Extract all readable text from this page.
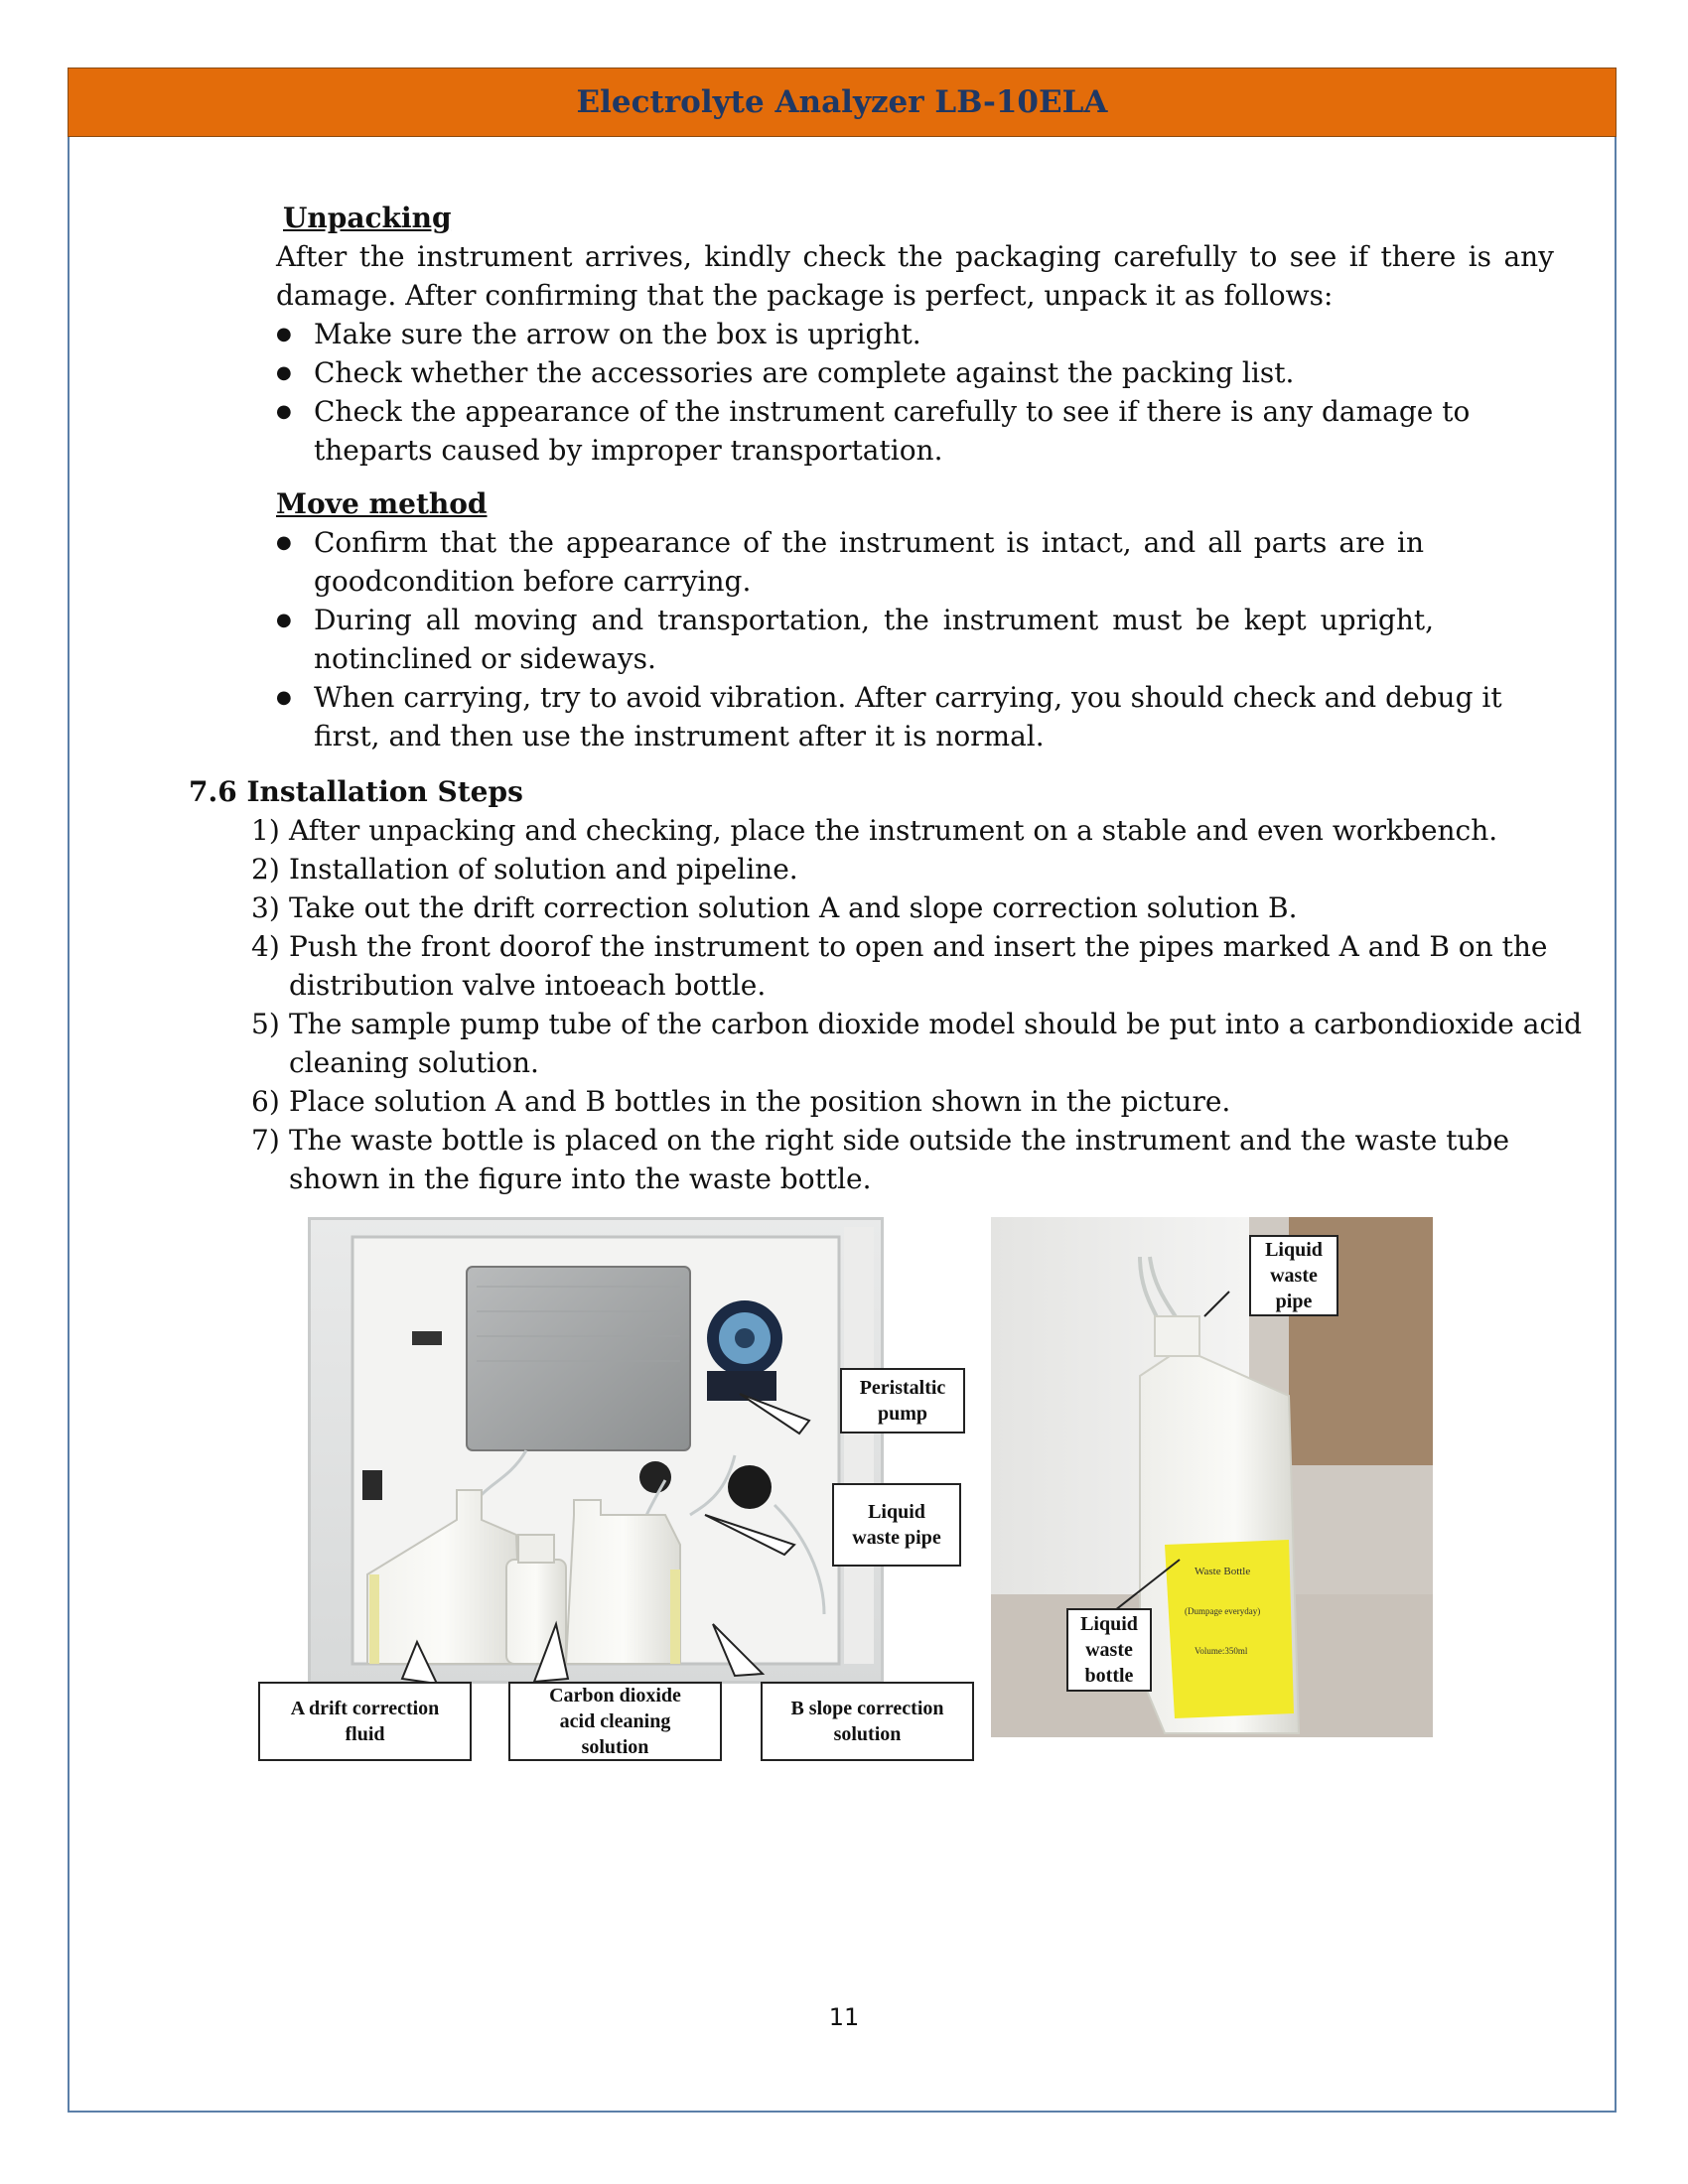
Electrolyte Analyzer LB-10ELA
Unpacking
After the instrument arrives, kindly check the packaging carefully to see if there is any
damage. After confirming that the package is perfect, unpack it as follows:
● Make sure the arrow on the box is upright.
● Check whether the accessories are complete against the packing list.
● Check the appearance of the instrument carefully to see if there is any damage to
theparts caused by improper transportation.
Move method
● Confirm that the appearance of the instrument is intact, and all parts are in
goodcondition before carrying.
● During all moving and transportation, the instrument must be kept upright,
notinclined or sideways.
● When carrying, try to avoid vibration. After carrying, you should check and debug it
first, and then use the instrument after it is normal.
7.6 Installation Steps
1) After unpacking and checking, place the instrument on a stable and even workbench.
2) Installation of solution and pipeline.
3) Take out the drift correction solution A and slope correction solution B.
4) Push the front doorof the instrument to open and insert the pipes marked A and B on the
distribution valve intoeach bottle.
5) The sample pump tube of the carbon dioxide model should be put into a carbondioxide acid
cleaning solution.
6) Place solution A and B bottles in the position shown in the picture.
7) The waste bottle is placed on the right side outside the instrument and the waste tube
shown in the figure into the waste bottle.
Peristaltic
pump
Liquid
waste pipe
A drift correction
fluid
Carbon dioxide
acid cleaning
solution
B slope correction
solution
Waste Bottle
(Dumpage everyday)
Volume:350ml
Liquid
waste
pipe
Liquid
waste
bottle
11
